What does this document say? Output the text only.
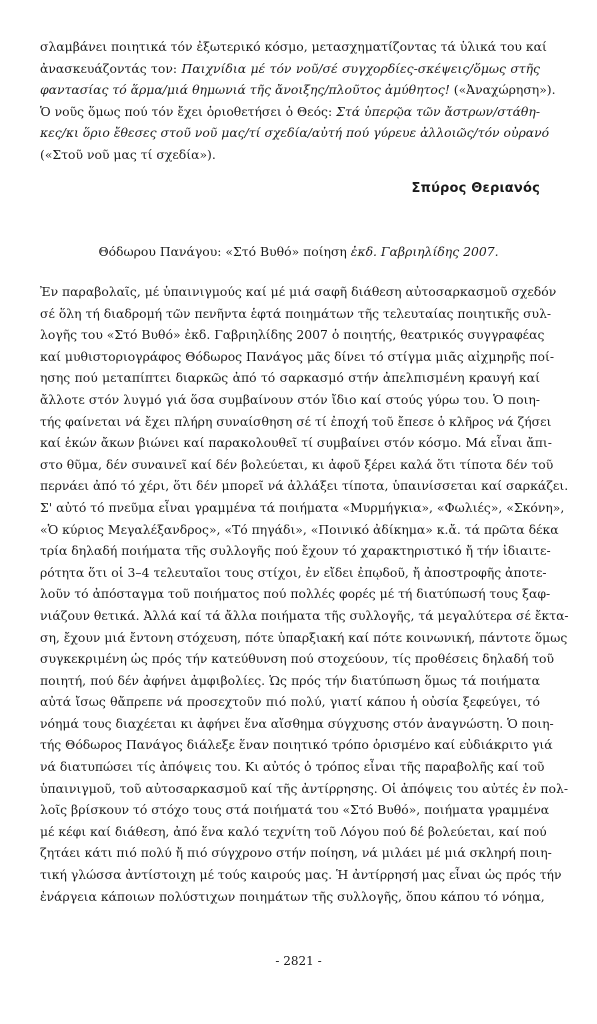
σλαμβάνει ποιητικά τόν ἐξωτερικό κόσμο, μετασχηματίζοντας τά ὑλικά του καί
ἀνασκευάζοντάς τον: Παιχνίδια μέ τόν νοῦ/σέ συγχορδίες-σκέψεις/ὅμως στῆς
φαντασίας τό ἅρμα/μιά θημωνιά τῆς ἄνοιξης/πλοῦτος ἀμύθητος! («Ἀναχώρηση»).
Ὁ νοῦς ὅμως πού τόν ἔχει ὁριοθετήσει ὁ Θεός: Στά ὑπερῷα τῶν ἄστρων/στάθη-
κες/κι ὅριο ἔθεσες στοῦ νοῦ μας/τί σχεδία/αὐτή πού γύρευε ἀλλοιῶς/τόν οὐρανό
(«Στοῦ νοῦ μας τί σχεδία»).
Σπύρος Θεριανός
Θόδωρου Πανάγου: «Στό Βυθό» ποίηση ἐκδ. Γαβριηλίδης 2007.
Ἐν παραβολαῖς, μέ ὑπαινιγμούς καί μέ μιά σαφῆ διάθεση αὐτοσαρκασμοῦ σχεδόν
σέ ὅλη τή διαδρομή τῶν πενῆντα ἑφτά ποιημάτων τῆς τελευταίας ποιητικῆς συλ-
λογῆς του «Στό Βυθό» ἐκδ. Γαβριηλίδης 2007 ὁ ποιητής, θεατρικός συγγραφέας
καί μυθιστοριογράφος Θόδωρος Πανάγος μᾶς δίνει τό στίγμα μιᾶς αἰχμηρῆς ποί-
ησης πού μεταπίπτει διαρκῶς ἀπό τό σαρκασμό στήν ἀπελπισμένη κραυγή καί
ἄλλοτε στόν λυγμό γιά ὅσα συμβαίνουν στόν ἴδιο καί στούς γύρω του. Ὁ ποιη-
τής φαίνεται νά ἔχει πλήρη συναίσθηση σέ τί ἐποχή τοῦ ἔπεσε ὁ κλῆρος νά ζήσει
καί ἑκών ἄκων βιώνει καί παρακολουθεῖ τί συμβαίνει στόν κόσμο. Μά εἶναι ἄπι-
στο θῦμα, δέν συναινεῖ καί δέν βολεύεται, κι ἀφοῦ ξέρει καλά ὅτι τίποτα δέν τοῦ
περνάει ἀπό τό χέρι, ὅτι δέν μπορεῖ νά ἀλλάξει τίποτα, ὑπαινίσσεται καί σαρκάζει.
Σ' αὐτό τό πνεῦμα εἶναι γραμμένα τά ποιήματα «Μυρμήγκια», «Φωλιές», «Σκόνη»,
«Ὁ κύριος Μεγαλέξανδρος», «Τό πηγάδι», «Ποινικό ἀδίκημα» κ.ἄ. τά πρῶτα δέκα
τρία δηλαδή ποιήματα τῆς συλλογῆς πού ἔχουν τό χαρακτηριστικό ἤ τήν ἰδιαιτε-
ρότητα ὅτι οἱ 3–4 τελευταῖοι τους στίχοι, ἐν εἴδει ἐπῳδοῦ, ἤ ἀποστροφῆς ἀποτε-
λοῦν τό ἀπόσταγμα τοῦ ποιήματος πού πολλές φορές μέ τή διατύπωσή τους ξαφ-
νιάζουν θετικά. Ἀλλά καί τά ἄλλα ποιήματα τῆς συλλογῆς, τά μεγαλύτερα σέ ἔκτα-
ση, ἔχουν μιά ἔντονη στόχευση, πότε ὑπαρξιακή καί πότε κοινωνική, πάντοτε ὅμως
συγκεκριμένη ὡς πρός τήν κατεύθυνση πού στοχεύουν, τίς προθέσεις δηλαδή τοῦ
ποιητή, πού δέν ἀφήνει ἀμφιβολίες. Ὡς πρός τήν διατύπωση ὅμως τά ποιήματα
αὐτά ἴσως θἄπρεπε νά προσεχτοῦν πιό πολύ, γιατί κάπου ἡ οὐσία ξεφεύγει, τό
νόημά τους διαχέεται κι ἀφήνει ἕνα αἴσθημα σύγχυσης στόν ἀναγνώστη. Ὁ ποιη-
τής Θόδωρος Πανάγος διάλεξε ἕναν ποιητικό τρόπο ὁρισμένο καί εὐδιάκριτο γιά
νά διατυπώσει τίς ἀπόψεις του. Κι αὐτός ὁ τρόπος εἶναι τῆς παραβολῆς καί τοῦ
ὑπαινιγμοῦ, τοῦ αὐτοσαρκασμοῦ καί τῆς ἀντίρρησης. Οἱ ἀπόψεις του αὐτές ἐν πολ-
λοῖς βρίσκουν τό στόχο τους στά ποιήματά του «Στό Βυθό», ποιήματα γραμμένα
μέ κέφι καί διάθεση, ἀπό ἕνα καλό τεχνίτη τοῦ Λόγου πού δέ βολεύεται, καί πού
ζητάει κάτι πιό πολύ ἤ πιό σύγχρονο στήν ποίηση, νά μιλάει μέ μιά σκληρή ποιη-
τική γλώσσα ἀντίστοιχη μέ τούς καιρούς μας. Ἡ ἀντίρρησή μας εἶναι ὡς πρός τήν
ἐνάργεια κάποιων πολύστιχων ποιημάτων τῆς συλλογῆς, ὅπου κάπου τό νόημα,
- 2821 -
